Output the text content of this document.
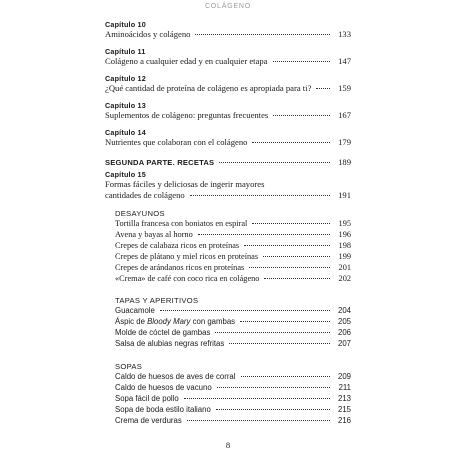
COLÁGENO
Capítulo 10
Aminoácidos y colágeno	133
Capítulo 11
Colágeno a cualquier edad y en cualquier etapa	147
Capítulo 12
¿Qué cantidad de proteína de colágeno es apropiada para ti?	159
Capítulo 13
Suplementos de colágeno: preguntas frecuentes	167
Capítulo 14
Nutrientes que colaboran con el colágeno	179
SEGUNDA PARTE. RECETAS	189
Capítulo 15
Formas fáciles y deliciosas de ingerir mayores
cantidades de colágeno	191
DESAYUNOS
Tortilla francesa con boniatos en espiral	195
Avena y bayas al horno	196
Crepes de calabaza ricos en proteínas	198
Crepes de plátano y miel ricos en proteínas	199
Crepes de arándanos ricos en proteínas	201
«Crema» de café con coco rica en colágeno	202
TAPAS Y APERITIVOS
Guacamole	204
Áspic de Bloody Mary con gambas	205
Molde de cóctel de gambas	206
Salsa de alubias negras refritas	207
SOPAS
Caldo de huesos de aves de corral	209
Caldo de huesos de vacuno	211
Sopa fácil de pollo	213
Sopa de boda estilo italiano	215
Crema de verduras	216
8
